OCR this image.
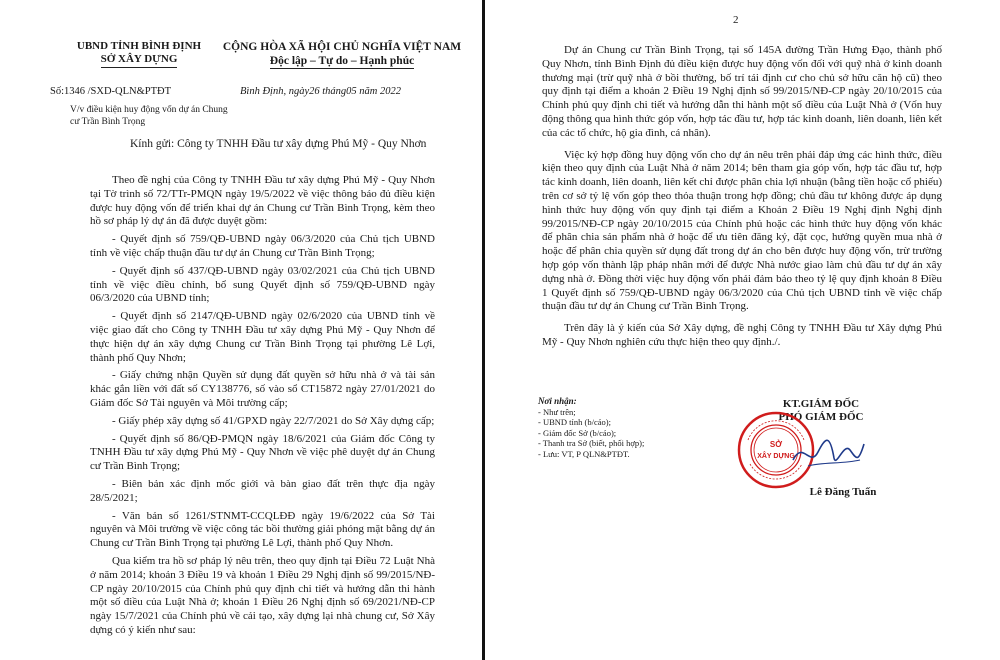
UBND TỈNH BÌNH ĐỊNH
SỞ XÂY DỰNG
CỘNG HÒA XÃ HỘI CHỦ NGHĨA VIỆT NAM
Độc lập – Tự do – Hạnh phúc
Số:1346 /SXD-QLN&PTĐT	Bình Định, ngày26 tháng05 năm 2022
V/v điều kiện huy động vốn dự án Chung cư Trần Bình Trọng
Kính gửi: Công ty TNHH Đầu tư xây dựng Phú Mỹ - Quy Nhơn

Theo đề nghị của Công ty TNHH Đầu tư xây dựng Phú Mỹ - Quy Nhơn tại Tờ trình số 72/TTr-PMQN ngày 19/5/2022 về việc thông báo đủ điều kiện được huy động vốn để triển khai dự án Chung cư Trần Bình Trọng, kèm theo hồ sơ pháp lý dự án đã được duyệt gồm:

- Quyết định số 759/QĐ-UBND ngày 06/3/2020 của Chủ tịch UBND tỉnh về việc chấp thuận đầu tư dự án Chung cư Trần Bình Trọng;

- Quyết định số 437/QĐ-UBND ngày 03/02/2021 của Chủ tịch UBND tỉnh về việc điều chỉnh, bổ sung Quyết định số 759/QĐ-UBND ngày 06/3/2020 của UBND tỉnh;

- Quyết định số 2147/QĐ-UBND ngày 02/6/2020 của UBND tỉnh về việc giao đất cho Công ty TNHH Đầu tư xây dựng Phú Mỹ - Quy Nhơn để thực hiện dự án xây dựng Chung cư Trần Bình Trọng tại phường Lê Lợi, thành phố Quy Nhơn;

- Giấy chứng nhận Quyền sử dụng đất quyền sở hữu nhà ở và tài sản khác gắn liền với đất số CY138776, số vào sổ CT15872 ngày 27/01/2021 do Giám đốc Sở Tài nguyên và Môi trường cấp;

- Giấy phép xây dựng số 41/GPXD ngày 22/7/2021 do Sở Xây dựng cấp;

- Quyết định số 86/QĐ-PMQN ngày 18/6/2021 của Giám đốc Công ty TNHH Đầu tư xây dựng Phú Mỹ - Quy Nhơn về việc phê duyệt dự án Chung cư Trần Bình Trọng;

- Biên bản xác định mốc giới và bàn giao đất trên thực địa ngày 28/5/2021;

- Văn bản số 1261/STNMT-CCQLĐĐ ngày 19/6/2022 của Sở Tài nguyên và Môi trường về việc công tác bồi thường giải phóng mặt bằng dự án Chung cư Trần Bình Trọng tại phường Lê Lợi, thành phố Quy Nhơn.

Qua kiểm tra hồ sơ pháp lý nêu trên, theo quy định tại Điều 72 Luật Nhà ở năm 2014; khoản 3 Điều 19 và khoản 1 Điều 29 Nghị định số 99/2015/NĐ-CP ngày 20/10/2015 của Chính phủ quy định chi tiết và hướng dẫn thi hành một số điều của Luật Nhà ở; khoản 1 Điều 26 Nghị định số 69/2021/NĐ-CP ngày 15/7/2021 của Chính phủ về cải tạo, xây dựng lại nhà chung cư, Sở Xây dựng có ý kiến như sau:

2

Dự án Chung cư Trần Bình Trọng, tại số 145A đường Trần Hưng Đạo, thành phố Quy Nhơn, tỉnh Bình Định đủ điều kiện được huy động vốn đối với quỹ nhà ở kinh doanh thương mại (trừ quỹ nhà ở bồi thường, bố trí tái định cư cho chủ sở hữu căn hộ cũ) theo quy định tại điểm a khoản 2 Điều 19 Nghị định số 99/2015/NĐ-CP ngày 20/10/2015 của Chính phủ quy định chi tiết và hướng dẫn thi hành một số điều của Luật Nhà ở (Vốn huy động thông qua hình thức góp vốn, hợp tác đầu tư, hợp tác kinh doanh, liên doanh, liên kết của các tổ chức, hộ gia đình, cá nhân).

Việc ký hợp đồng huy động vốn cho dự án nêu trên phải đáp ứng các hình thức, điều kiện theo quy định của Luật Nhà ở năm 2014; bên tham gia góp vốn, hợp tác đầu tư, hợp tác kinh doanh, liên doanh, liên kết chỉ được phân chia lợi nhuận (bằng tiền hoặc cổ phiếu) trên cơ sở tỷ lệ vốn góp theo thỏa thuận trong hợp đồng; chủ đầu tư không được áp dụng hình thức huy động vốn quy định tại điểm a Khoản 2 Điều 19 Nghị định Nghị định 99/2015/NĐ-CP ngày 20/10/2015 của Chính phủ hoặc các hình thức huy động vốn khác để phân chia sản phẩm nhà ở hoặc để ưu tiên đăng ký, đặt cọc, hưởng quyền mua nhà ở hoặc để phân chia quyền sử dụng đất trong dự án cho bên được huy động vốn, trừ trường hợp góp vốn thành lập pháp nhân mới để được Nhà nước giao làm chủ đầu tư dự án xây dựng nhà ở. Đồng thời việc huy động vốn phải đảm bảo theo tỷ lệ quy định khoản 8 Điều 1 Quyết định số 759/QĐ-UBND ngày 06/3/2020 của Chủ tịch UBND tỉnh về việc chấp thuận đầu tư dự án Chung cư Trần Bình Trọng.

Trên đây là ý kiến của Sở Xây dựng, đề nghị Công ty TNHH Đầu tư Xây dựng Phú Mỹ - Quy Nhơn nghiên cứu thực hiện theo quy định./.

Nơi nhận:
- Như trên;
- UBND tỉnh (b/cáo);
- Giám đốc Sở (b/cáo);
- Thanh tra Sở (biết, phối hợp);
- Lưu: VT, P QLN&PTĐT.
KT.GIÁM ĐỐC
PHÓ GIÁM ĐỐC
SỞ
XÂY DỰNG
Lê Đăng Tuấn
